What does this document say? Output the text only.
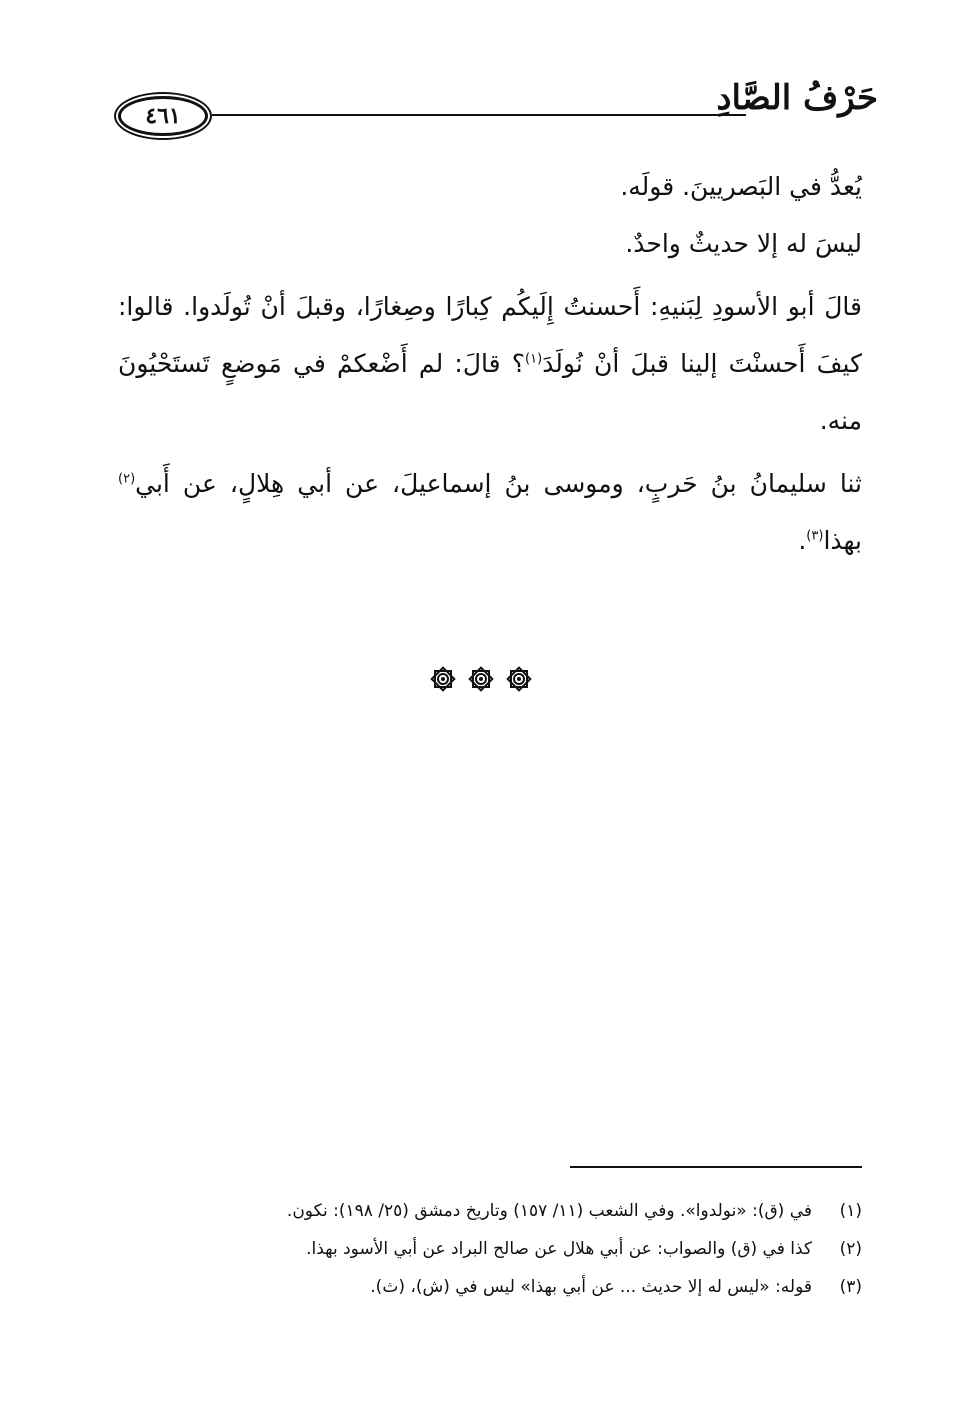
٤٦١	حَرْفُ الصَّادِ

يُعدُّ في البَصريينَ. قولَه.

ليسَ له إلا حديثٌ واحدٌ.

قالَ أبو الأسودِ لِبَنيهِ: أَحسنتُ إِلَيكُم كِبارًا وصِغارًا، وقبلَ أنْ تُولَدوا. قالوا: كيفَ أَحسنْتَ إلينا قبلَ أنْ نُولَدَ$^{(١)}$؟ قالَ: لم أَضْعكمْ في مَوضعٍ تَستَحْيُونَ منه.

ثنا سليمانُ بنُ حَربٍ، وموسى بنُ إسماعيلَ، عن أبي هِلالٍ، عن أَبي$^{(٢)}$ بهذا$^{(٣)}$.

(١)
في (ق): «نولدوا». وفي الشعب (١١/ ١٥٧) وتاريخ دمشق (٢٥/ ١٩٨): نكون.
(٢)
كذا في (ق) والصواب: عن أبي هلال عن صالح البراد عن أبي الأسود بهذا.
(٣)
قوله: «ليس له إلا حديث ... عن أبي بهذا» ليس في (ش)، (ث).
